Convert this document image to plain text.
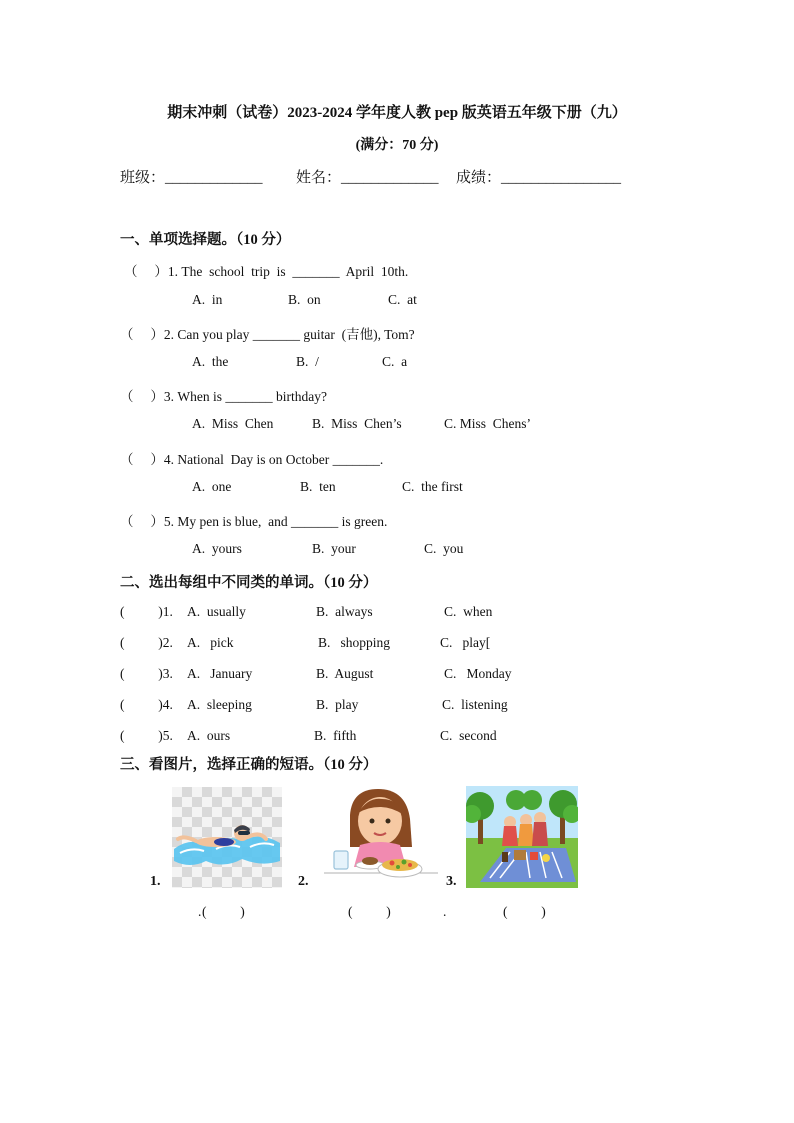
期末冲刺（试卷）2023-2024 学年度人教 pep 版英语五年级下册（九）
(满分：70 分)
班级：_____________ 姓名：_____________ 成绩：________________
一、单项选择题。（10 分）
（     ）1. The  school  trip  is  _______  April  10th.
A.  in	B.  on	C.  at
（     ）2. Can you play _______ guitar  (吉他), Tom?
A.  the	B.  /	C.  a
（     ）3. When is _______ birthday?
A.  Miss  Chen	B.  Miss  Chen’s	C. Miss  Chens’
（     ）4. National  Day is on October _______.
A.  one	B.  ten	C.  the first
（     ）5. My pen is blue,  and _______ is green.
A.  yours	B.  your	C.  you
二、选出每组中不同类的单词。（10 分）
(          )1. A.  usually	B.  always	C.  when
(          )2. A.   pick	B.   shopping	C.   play[
(          )3. A.   January	B.  August	C.   Monday
(          )4. A.  sleeping	B.  play	C.  listening
(          )5. A.  ours	B.  fifth	C.  second
三、看图片，选择正确的短语。（10 分）
1.
. (          )
2.
(          )
3.
.	(          )
